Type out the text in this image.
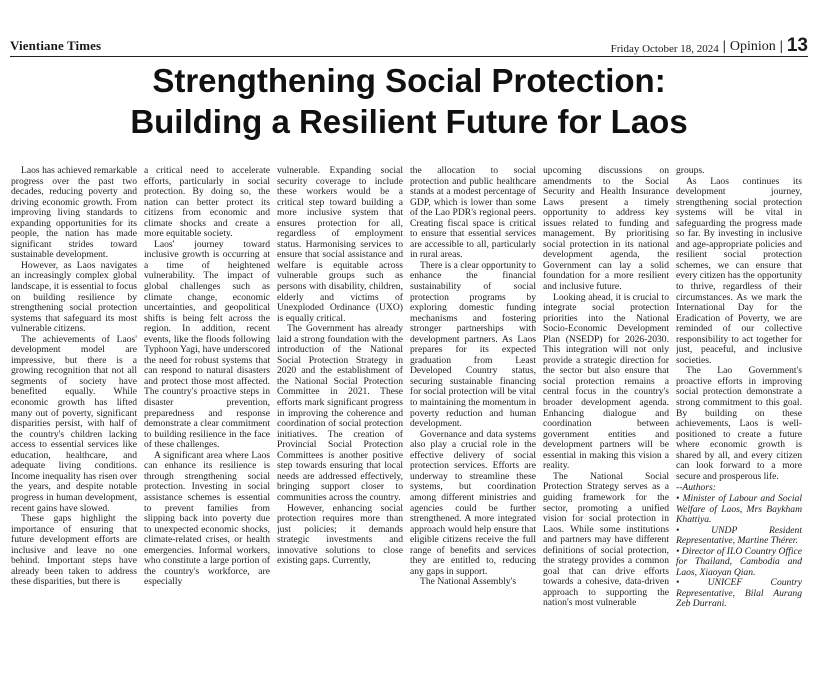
Vientiane Times	Friday October 18, 2024 | Opinion | 13
Strengthening Social Protection:
Building a Resilient Future for Laos

Laos has achieved remarkable progress over the past two decades, reducing poverty and driving economic growth. From improving living standards to expanding opportunities for its people, the nation has made significant strides toward sustainable development.

However, as Laos navigates an increasingly complex global landscape, it is essential to focus on building resilience by strengthening social protection systems that safeguard its most vulnerable citizens.

The achievements of Laos' development model are impressive, but there is a growing recognition that not all segments of society have benefited equally. While economic growth has lifted many out of poverty, significant disparities persist, with half of the country's children lacking access to essential services like education, healthcare, and adequate living conditions. Income inequality has risen over the years, and despite notable progress in human development, recent gains have slowed.

These gaps highlight the importance of ensuring that future development efforts are inclusive and leave no one behind. Important steps have already been taken to address these disparities, but there is

a critical need to accelerate efforts, particularly in social protection. By doing so, the nation can better protect its citizens from economic and climate shocks and create a more equitable society.

Laos' journey toward inclusive growth is occurring at a time of heightened vulnerability. The impact of global challenges such as climate change, economic uncertainties, and geopolitical shifts is being felt across the region. In addition, recent events, like the floods following Typhoon Yagi, have underscored the need for robust systems that can respond to natural disasters and protect those most affected. The country's proactive steps in disaster prevention, preparedness and response demonstrate a clear commitment to building resilience in the face of these challenges.

A significant area where Laos can enhance its resilience is through strengthening social protection. Investing in social assistance schemes is essential to prevent families from slipping back into poverty due to unexpected economic shocks, climate-related crises, or health emergencies. Informal workers, who constitute a large portion of the country's workforce, are especially

vulnerable. Expanding social security coverage to include these workers would be a critical step toward building a more inclusive system that ensures protection for all, regardless of employment status. Harmonising services to ensure that social assistance and welfare is equitable across vulnerable groups such as persons with disability, children, elderly and victims of Unexploded Ordinance (UXO) is equally critical.

The Government has already laid a strong foundation with the introduction of the National Social Protection Strategy in 2020 and the establishment of the National Social Protection Committee in 2021. These efforts mark significant progress in improving the coherence and coordination of social protection initiatives. The creation of Provincial Social Protection Committees is another positive step towards ensuring that local needs are addressed effectively, bringing support closer to communities across the country.

However, enhancing social protection requires more than just policies; it demands strategic investments and innovative solutions to close existing gaps. Currently,

the allocation to social protection and public healthcare stands at a modest percentage of GDP, which is lower than some of the Lao PDR's regional peers. Creating fiscal space is critical to ensure that essential services are accessible to all, particularly in rural areas.

There is a clear opportunity to enhance the financial sustainability of social protection programs by exploring domestic funding mechanisms and fostering stronger partnerships with development partners. As Laos prepares for its expected graduation from Least Developed Country status, securing sustainable financing for social protection will be vital to maintaining the momentum in poverty reduction and human development.

Governance and data systems also play a crucial role in the effective delivery of social protection services. Efforts are underway to streamline these systems, but coordination among different ministries and agencies could be further strengthened. A more integrated approach would help ensure that eligible citizens receive the full range of benefits and services they are entitled to, reducing any gaps in support.

The National Assembly's

upcoming discussions on amendments to the Social Security and Health Insurance Laws present a timely opportunity to address key issues related to funding and management. By prioritising social protection in its national development agenda, the Government can lay a solid foundation for a more resilient and inclusive future.

Looking ahead, it is crucial to integrate social protection priorities into the National Socio-Economic Development Plan (NSEDP) for 2026-2030. This integration will not only provide a strategic direction for the sector but also ensure that social protection remains a central focus in the country's broader development agenda. Enhancing dialogue and coordination between government entities and development partners will be essential in making this vision a reality.

The National Social Protection Strategy serves as a guiding framework for the sector, promoting a unified vision for social protection in Laos. While some institutions and partners may have different definitions of social protection, the strategy provides a common goal that can drive efforts towards a cohesive, data-driven approach to supporting the nation's most vulnerable

groups.

As Laos continues its development journey, strengthening social protection systems will be vital in safeguarding the progress made so far. By investing in inclusive and age-appropriate policies and resilient social protection schemes, we can ensure that every citizen has the opportunity to thrive, regardless of their circumstances. As we mark the International Day for the Eradication of Poverty, we are reminded of our collective responsibility to act together for just, peaceful, and inclusive societies.

The Lao Government's proactive efforts in improving social protection demonstrate a strong commitment to this goal. By building on these achievements, Laos is well-positioned to create a future where economic growth is shared by all, and every citizen can look forward to a more secure and prosperous life.

--Authors:

• Minister of Labour and Social Welfare of Laos, Mrs Baykham Khattiya.

• UNDP Resident Representative, Martine Thérer.

• Director of ILO Country Office for Thailand, Cambodia and Laos, Xiaoyan Qian.

• UNICEF Country Representative, Bilal Aurang Zeb Durrani.
